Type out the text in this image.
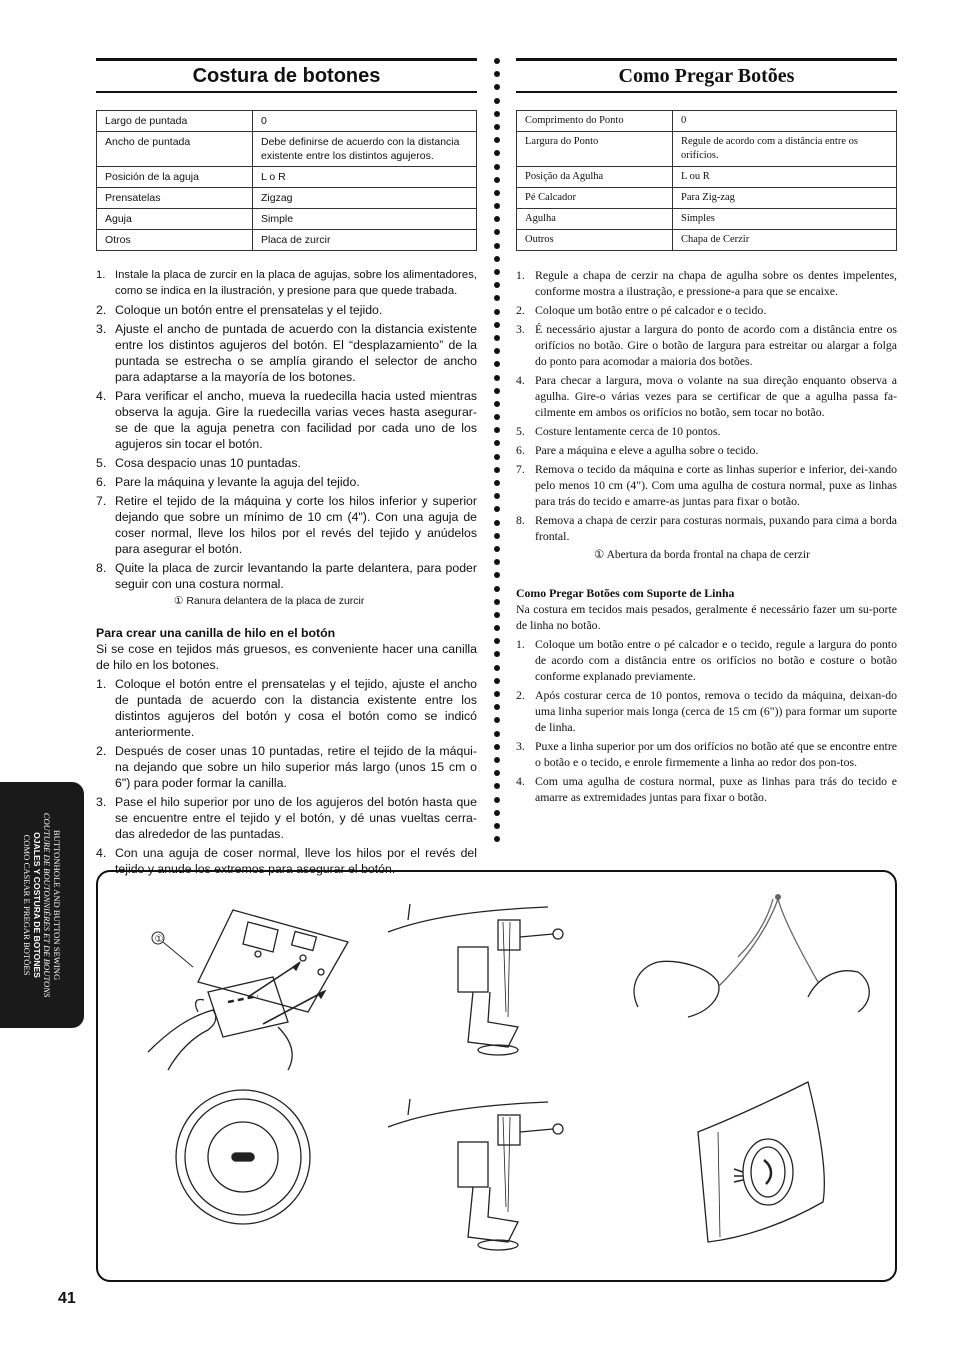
Costura de botones
Largo de puntada	0
Ancho de puntada	Debe definirse de acuerdo con la distancia existente entre los distintos agujeros.
Posición de la aguja	L o R
Prensatelas	Zigzag
Aguja	Simple
Otros	Placa de zurcir
1. Instale la placa de zurcir en la placa de agujas, sobre los alimentadores, como se indica en la ilustración, y presione para que quede trabada.
2. Coloque un botón entre el prensatelas y el tejido.
3. Ajuste el ancho de puntada de acuerdo con la distancia existente entre los distintos agujeros del botón. El “desplazamiento” de la puntada se estrecha o se amplía girando el selector de ancho para adaptarse a la mayoría de los botones.
4. Para verificar el ancho, mueva la ruedecilla hacia usted mientras observa la aguja. Gire la ruedecilla varias veces hasta asegurar-se de que la aguja penetra con facilidad por cada uno de los agujeros sin tocar el botón.
5. Cosa despacio unas 10 puntadas.
6. Pare la máquina y levante la aguja del tejido.
7. Retire el tejido de la máquina y corte los hilos inferior y superior dejando que sobre un mínimo de 10 cm (4"). Con una aguja de coser normal, lleve los hilos por el revés del tejido y anúdelos para asegurar el botón.
8. Quite la placa de zurcir levantando la parte delantera, para poder seguir con una costura normal.
① Ranura delantera de la placa de zurcir

Para crear una canilla de hilo en el botón

Si se cose en tejidos más gruesos, es conveniente hacer una canilla de hilo en los botones.

1. Coloque el botón entre el prensatelas y el tejido, ajuste el ancho de puntada de acuerdo con la distancia existente entre los distintos agujeros del botón y cosa el botón como se indicó anteriormente.
2. Después de coser unas 10 puntadas, retire el tejido de la máqui-na dejando que sobre un hilo superior más largo (unos 15 cm o 6") para poder formar la canilla.
3. Pase el hilo superior por uno de los agujeros del botón hasta que se encuentre entre el tejido y el botón, y dé unas vueltas cerra-das alrededor de las puntadas.
4. Con una aguja de coser normal, lleve los hilos por el revés del tejido y anude los extremos para asegurar el botón.
Como Pregar Botões
Comprimento do Ponto	0
Largura do Ponto	Regule de acordo com a distância entre os orifícios.
Posição da Agulha	L ou R
Pé Calcador	Para Zig-zag
Agulha	Simples
Outros	Chapa de Cerzir
1. Regule a chapa de cerzir na chapa de agulha sobre os dentes impelentes, conforme mostra a ilustração, e pressione-a para que se encaixe.
2. Coloque um botão entre o pé calcador e o tecido.
3. É necessário ajustar a largura do ponto de acordo com a distância entre os orifícios no botão. Gire o botão de largura para estreitar ou alargar a folga do ponto para acomodar a maioria dos botões.
4. Para checar a largura, mova o volante na sua direção enquanto observa a agulha. Gire-o várias vezes para se certificar de que a agulha passa fa-cilmente em ambos os orifícios no botão, sem tocar no botão.
5. Costure lentamente cerca de 10 pontos.
6. Pare a máquina e eleve a agulha sobre o tecido.
7. Remova o tecido da máquina e corte as linhas superior e inferior, dei-xando pelo menos 10 cm (4"). Com uma agulha de costura normal, puxe as linhas para trás do tecido e amarre-as juntas para fixar o botão.
8. Remova a chapa de cerzir para costuras normais, puxando para cima a borda frontal.
① Abertura da borda frontal na chapa de cerzir

Como Pregar Botões com Suporte de Linha

Na costura em tecidos mais pesados, geralmente é necessário fazer um su-porte de linha no botão.

1. Coloque um botão entre o pé calcador e o tecido, regule a largura do ponto de acordo com a distância entre os orifícios no botão e costure o botão conforme explanado previamente.
2. Após costurar cerca de 10 pontos, remova o tecido da máquina, deixan-do uma linha superior mais longa (cerca de 15 cm (6")) para formar um suporte de linha.
3. Puxe a linha superior por um dos orifícios no botão até que se encontre entre o botão e o tecido, e enrole firmemente a linha ao redor dos pon-tos.
4. Com uma agulha de costura normal, puxe as linhas para trás do tecido e amarre as extremidades juntas para fixar o botão.
BUTTONHOLE AND BUTTON SEWING
COUTURE DE BOUTONNIÈRES ET DE BOUTONS
OJALES Y COSTURA DE BOTONES
COMO CASEAR E PREGAR BOTÕES	①
41
